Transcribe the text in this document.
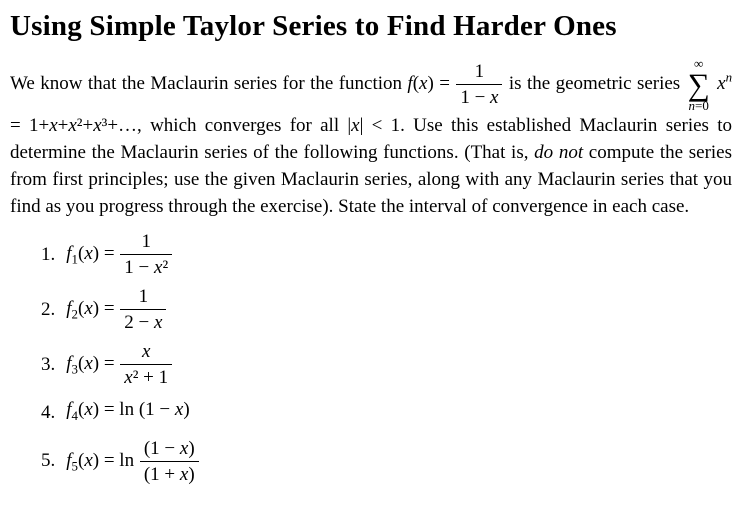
Using Simple Taylor Series to Find Harder Ones

We know that the Maclaurin series for the function $f(x) = \frac{1}{1 - x}$ is the geometric series
∞
∑
n=0
$x^n$ = 1+x+x²+x³+…, which converges for all |x| < 1. Use this established Maclaurin series to determine the Maclaurin series of the following functions. (That is, do not compute the series from first principles; use the given Maclaurin series, along with any Maclaurin series that you find as you progress through the exercise). State the interval of convergence in each case.

1. $f_1(x) = \frac{1}{\text{1 − x²}}$
2. $f_2(x) = \frac{1}{2 - x}$
3. $f_3(x) = \frac{x}{\text{x² + 1}}$
4. $f_4(x) = \ln (1 - x)$
5. $f_5(x) = \ln \frac{(1 - x)}{(1 + x)}$
